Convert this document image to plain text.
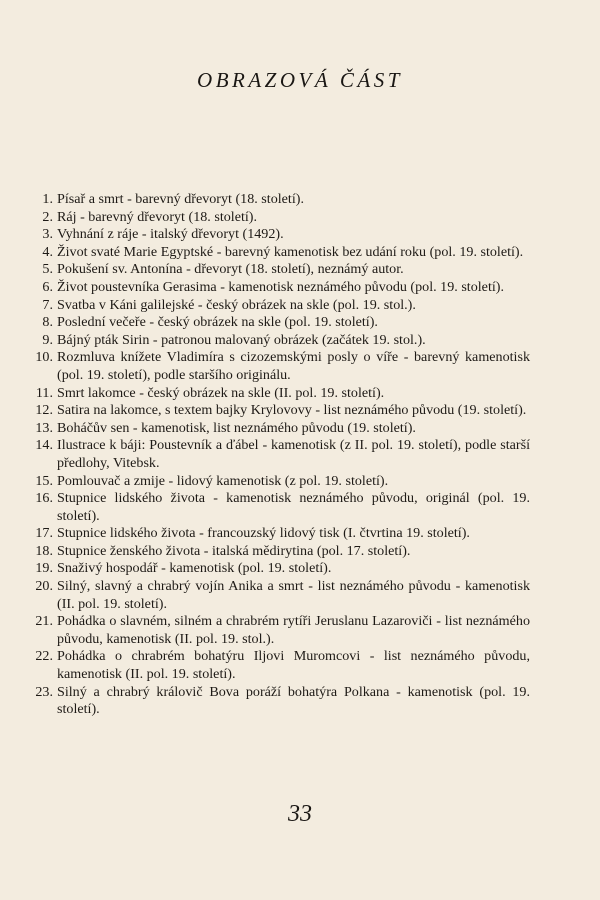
OBRAZOVÁ ČÁST
1. Písař a smrt - barevný dřevoryt (18. století).
2. Ráj - barevný dřevoryt (18. století).
3. Vyhnání z ráje - italský dřevoryt (1492).
4. Život svaté Marie Egyptské - barevný kamenotisk bez udání roku (pol. 19. století).
5. Pokušení sv. Antonína - dřevoryt (18. století), neznámý autor.
6. Život poustevníka Gerasima - kamenotisk neznámého původu (pol. 19. století).
7. Svatba v Káni galilejské - český obrázek na skle (pol. 19. stol.).
8. Poslední večeře - český obrázek na skle (pol. 19. století).
9. Bájný pták Sirin - patronou malovaný obrázek (začátek 19. stol.).
10. Rozmluva knížete Vladimíra s cizozemskými posly o víře - barevný kamenotisk (pol. 19. století), podle staršího originálu.
11. Smrt lakomce - český obrázek na skle (II. pol. 19. století).
12. Satira na lakomce, s textem bajky Krylovovy - list neznámého původu (19. století).
13. Boháčův sen - kamenotisk, list neznámého původu (19. století).
14. Ilustrace k báji: Poustevník a ďábel - kamenotisk (z II. pol. 19. století), podle starší předlohy, Vitebsk.
15. Pomlouvač a zmije - lidový kamenotisk (z pol. 19. století).
16. Stupnice lidského života - kamenotisk neznámého původu, originál (pol. 19. století).
17. Stupnice lidského života - francouzský lidový tisk (I. čtvrtina 19. století).
18. Stupnice ženského života - italská mědirytina (pol. 17. století).
19. Snaživý hospodář - kamenotisk (pol. 19. století).
20. Silný, slavný a chrabrý vojín Anika a smrt - list neznámého původu - kamenotisk (II. pol. 19. století).
21. Pohádka o slavném, silném a chrabrém rytíři Jeruslanu Lazaroviči - list neznámého původu, kamenotisk (II. pol. 19. stol.).
22. Pohádka o chrabrém bohatýru Iljovi Muromcovi - list neznámého původu, kamenotisk (II. pol. 19. století).
23. Silný a chrabrý královič Bova poráží bohatýra Polkana - kamenotisk (pol. 19. století).
33
